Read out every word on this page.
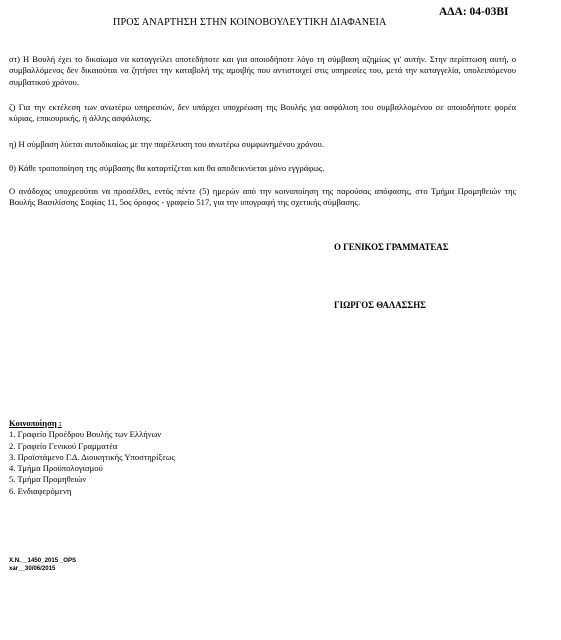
ΠΡΟΣ ΑΝΑΡΤΗΣΗ ΣΤΗΝ ΚΟΙΝΟΒΟΥΛΕΥΤΙΚΗ ΔΙΑΦΑΝΕΙΑ
ΑΔΑ: 04-03ΒΙ
στ) Η Βουλή έχει το δικαίωμα να καταγγείλει οποτεδήποτε και για οποιοδήποτε λόγο τη σύμβαση αζημίως γι' αυτήν. Στην περίπτωση αυτή, ο συμβαλλόμενος δεν δικαιούται να ζητήσει την καταβολή της αμοιβής που αντιστοιχεί στις υπηρεσίες του, μετά την καταγγελία, υπολειπόμενου συμβατικού χρόνου.
ζ) Για την εκτέλεση των ανωτέρω υπηρεσιών, δεν υπάρχει υποχρέωση της Βουλής για ασφάλιση του συμβαλλομένου σε οποιοδήποτε φορέα κύριας, επικουρικής, ή άλλης ασφάλισης.
η) Η σύμβαση λύεται αυτοδικαίως με την παρέλευση του ανωτέρω συμφωνημένου χρόνου.
θ) Κάθε τροποποίηση της σύμβασης θα καταρτίζεται και θα αποδεικνύεται μόνο εγγράφως.
Ο ανάδοχος υποχρεούται να προσέλθει, εντός πέντε (5) ημερών από την κοινοποίηση της παρούσας απόφασης, στο Τμήμα Προμηθειών της Βουλής Βασιλίσσης Σοφίας 11, 5ος όροφος - γραφείο 517, για την υπογραφή της σχετικής σύμβασης.
Ο ΓΕΝΙΚΟΣ ΓΡΑΜΜΑΤΕΑΣ
ΓΙΩΡΓΟΣ ΘΑΛΑΣΣΗΣ
Κοινοποίηση :
1. Γραφείο Προέδρου Βουλής των Ελλήνων
2. Γραφείο Γενικού Γραμματέα
3. Προϊστάμενο Γ.Δ. Διοικητικής Υποστηρίξεως
4. Τμήμα Προϋπολογισμού
5. Τμήμα Προμηθειών
6. Ενδιαφερόμενη
Χ.Ν.__1450_2015 _OPS
xar__30/06/2015
